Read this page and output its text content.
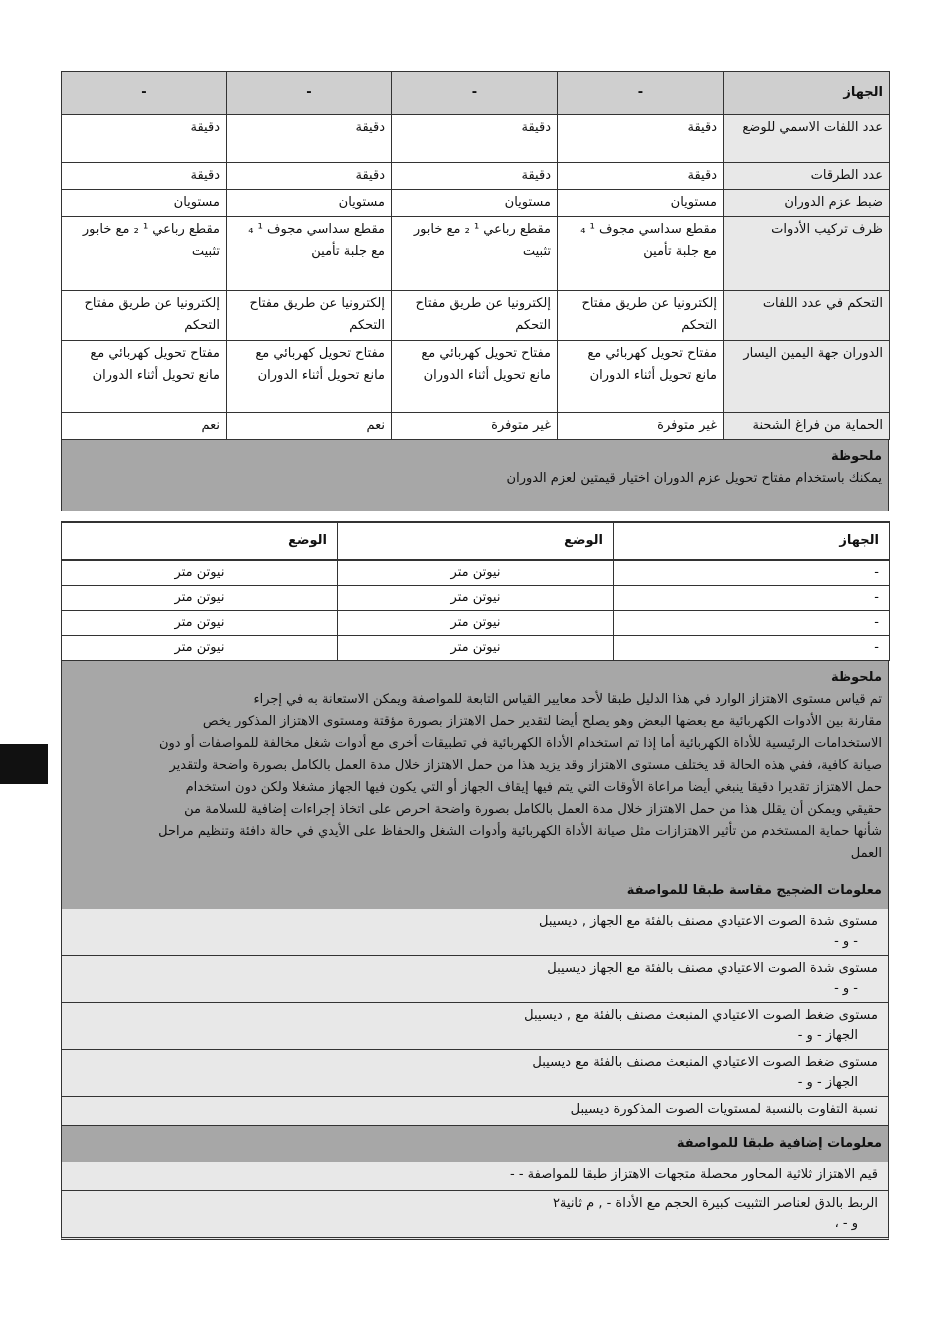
الجهاز	-	-	-	-
عدد اللفات الاسمي للوضع	دقيقة	دقيقة	دقيقة	دقيقة
عدد الطرقات	دقيقة	دقيقة	دقيقة	دقيقة
ضبط عزم الدوران	مستويان	مستويان	مستويان	مستويان
ظرف تركيب الأدوات	مقطع سداسي مجوف ¹ ₄ مع جلبة تأمين	مقطع رباعي ¹ ₂ مع خابور تثبيت	مقطع سداسي مجوف ¹ ₄ مع جلبة تأمين	مقطع رباعي ¹ ₂ مع خابور تثبيت
التحكم في عدد اللفات	إلكترونيا عن طريق مفتاح التحكم	إلكترونيا عن طريق مفتاح التحكم	إلكترونيا عن طريق مفتاح التحكم	إلكترونيا عن طريق مفتاح التحكم
الدوران جهة اليمين اليسار	مفتاح تحويل كهربائي مع مانع تحويل أثناء الدوران	مفتاح تحويل كهربائي مع مانع تحويل أثناء الدوران	مفتاح تحويل كهربائي مع مانع تحويل أثناء الدوران	مفتاح تحويل كهربائي مع مانع تحويل أثناء الدوران
الحماية من فراغ الشحنة	غير متوفرة	غير متوفرة	نعم	نعم
ملحوظة
يمكنك باستخدام مفتاح تحويل عزم الدوران اختيار قيمتين لعزم الدوران
الجهاز	الوضع	الوضع
-	نيوتن متر	نيوتن متر
-	نيوتن متر	نيوتن متر
-	نيوتن متر	نيوتن متر
-	نيوتن متر	نيوتن متر
ملحوظة

تم قياس مستوى الاهتزاز الوارد في هذا الدليل طبقا لأحد معايير القياس التابعة للمواصفة ويمكن الاستعانة به في إجراء

مقارنة بين الأدوات الكهربائية مع بعضها البعض وهو يصلح أيضا لتقدير حمل الاهتزاز بصورة مؤقتة ومستوى الاهتزاز المذكور يخص

الاستخدامات الرئيسية للأداة الكهربائية أما إذا تم استخدام الأداة الكهربائية في تطبيقات أخرى مع أدوات شغل مخالفة للمواصفات أو دون

صيانة كافية، ففي هذه الحالة قد يختلف مستوى الاهتزاز وقد يزيد هذا من حمل الاهتزاز خلال مدة العمل بالكامل بصورة واضحة ولتقدير

حمل الاهتزاز تقديرا دقيقا ينبغي أيضا مراعاة الأوقات التي يتم فيها إيقاف الجهاز أو التي يكون فيها الجهاز مشغلا ولكن دون استخدام

حقيقي ويمكن أن يقلل هذا من حمل الاهتزاز خلال مدة العمل بالكامل بصورة واضحة احرص على اتخاذ إجراءات إضافية للسلامة من

شأنها حماية المستخدم من تأثير الاهتزازات مثل صيانة الأداة الكهربائية وأدوات الشغل والحفاظ على الأيدي في حالة دافئة وتنظيم مراحل

العمل

معلومات الضجيج مقاسة طبقا للمواصفة
مستوى شدة الصوت الاعتيادي مصنف بالفئة مع الجهاز , ديسيبل
- و -
مستوى شدة الصوت الاعتيادي مصنف بالفئة مع الجهاز ديسيبل
- و -
مستوى ضغط الصوت الاعتيادي المنبعث مصنف بالفئة مع , ديسيبل
الجهاز - و -
مستوى ضغط الصوت الاعتيادي المنبعث مصنف بالفئة مع ديسيبل
الجهاز - و -
نسبة التفاوت بالنسبة لمستويات الصوت المذكورة ديسيبل
معلومات إضافية طبقا للمواصفة
قيم الاهتزاز ثلاثية المحاور محصلة متجهات الاهتزاز طبقا للمواصفة - -
الربط بالدق لعناصر التثبيت كبيرة الحجم مع الأداة - , م ثانية٢
و - ،
